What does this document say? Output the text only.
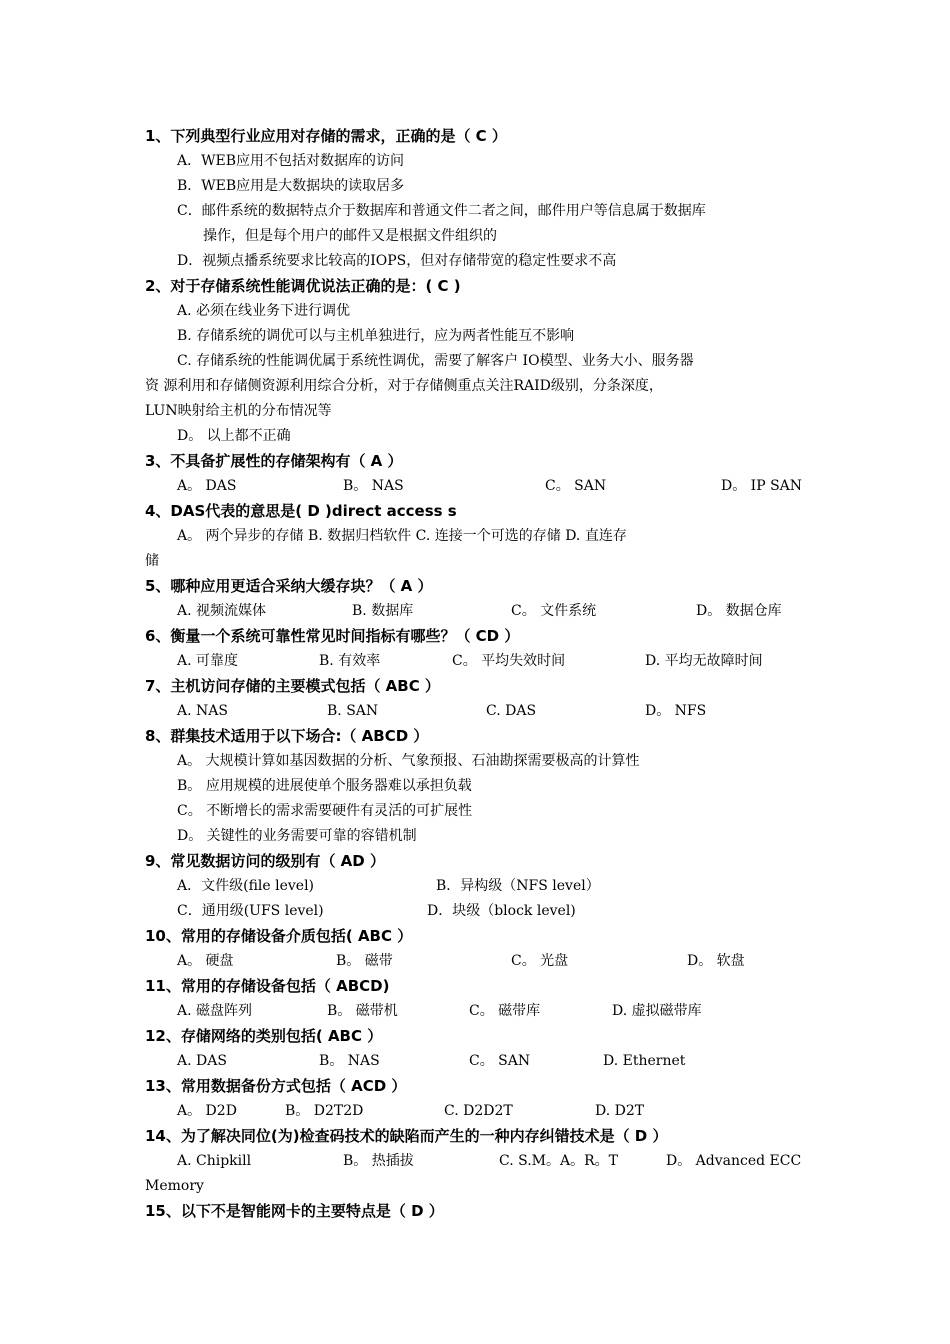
1、下列典型行业应用对存储的需求，正确的是（ C ）
A．WEB应用不包括对数据库的访问
B．WEB应用是大数据块的读取居多
C．邮件系统的数据特点介于数据库和普通文件二者之间，邮件用户等信息属于数据库
操作，但是每个用户的邮件又是根据文件组织的
D．视频点播系统要求比较高的IOPS，但对存储带宽的稳定性要求不高
2、对于存储系统性能调优说法正确的是：( C )
A. 必须在线业务下进行调优
B. 存储系统的调优可以与主机单独进行，应为两者性能互不影响
C. 存储系统的性能调优属于系统性调优，需要了解客户 IO模型、业务大小、服务器
资 源利用和存储侧资源利用综合分析，对于存储侧重点关注RAID级别，分条深度，
LUN映射给主机的分布情况等
D。 以上都不正确
3、不具备扩展性的存储架构有（ A ）
A。 DAS	B。 NAS	C。 SAN	D。 IP SAN
4、DAS代表的意思是( D )direct access s
A。 两个异步的存储 B. 数据归档软件 C. 连接一个可选的存储 D. 直连存
储
5、哪种应用更适合采纳大缓存块？（ A ）
A. 视频流媒体	B. 数据库	C。 文件系统	D。 数据仓库
6、衡量一个系统可靠性常见时间指标有哪些？（ CD ）
A. 可靠度	B. 有效率	C。 平均失效时间	D. 平均无故障时间
7、主机访问存储的主要模式包括（ ABC ）
A. NAS	B. SAN	C. DAS	D。 NFS
8、群集技术适用于以下场合:（ ABCD ）
A。 大规模计算如基因数据的分析、气象预报、石油勘探需要极高的计算性
B。 应用规模的进展使单个服务器难以承担负载
C。 不断增长的需求需要硬件有灵活的可扩展性
D。 关键性的业务需要可靠的容错机制
9、常见数据访问的级别有（ AD ）
A．文件级(file level)	B．异构级（NFS level）
C．通用级(UFS level)	D．块级（block level)
10、常用的存储设备介质包括( ABC ）
A。 硬盘	B。 磁带	C。 光盘	D。 软盘
11、常用的存储设备包括（ ABCD)
A. 磁盘阵列	B。 磁带机	C。 磁带库	D. 虚拟磁带库
12、存储网络的类别包括( ABC ）
A. DAS	B。 NAS	C。 SAN	D. Ethernet
13、常用数据备份方式包括（ ACD ）
A。 D2D	B。 D2T2D	C. D2D2T	D. D2T
14、为了解决同位(为)检查码技术的缺陷而产生的一种内存纠错技术是（ D ）
A. Chipkill	B。 热插拔	C. S.M。A。R。T	D。 Advanced ECC
Memory
15、以下不是智能网卡的主要特点是（ D ）
